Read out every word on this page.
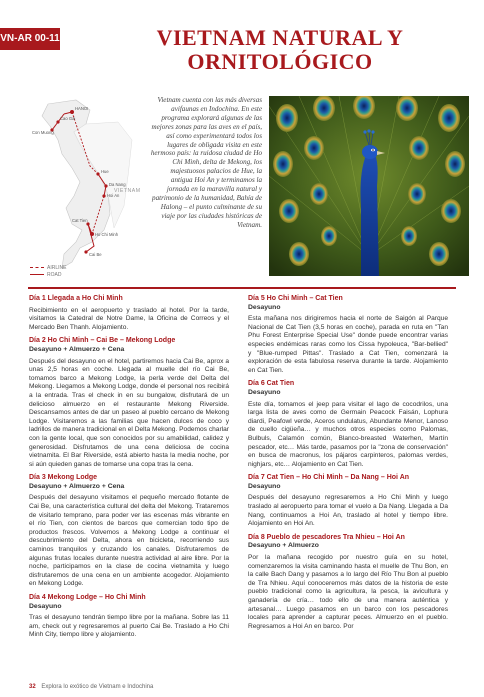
VN-AR 00-11	VIETNAM NATURAL Y
ORNITOLÓGICO
HANOI
Cao Gai
Con Muong
Hue
Da Nang
Hoi An
Cat Tien
Ho Chi Minh
Cai Be
VIETNAM
AIRLINE
ROAD
Vietnam cuenta con las más diversas avifaunas en Indochina. En este programa explorará algunas de las mejores zonas para las aves en el país, así como experimentará todos los lugares de obligada visita en este hermoso país: la ruidosa ciudad de Ho Chi Minh, delta de Mekong, los majestuosos palacios de Hue, la antigua Hoi An y terminamos la jornada en la maravilla natural y patrimonio de la humanidad, Bahía de Halong – el punto culminante de su viaje por las ciudades históricas de Vietnam.
Día 1 Llegada a Ho Chi Minh

Recibimiento en el aeropuerto y traslado al hotel. Por la tarde, visitamos la Catedral de Notre Dame, la Oficina de Correos y el Mercado Ben Thanh. Alojamiento.

Día 2 Ho Chi Minh – Cai Be – Mekong Lodge
Desayuno + Almuerzo + Cena

Después del desayuno en el hotel, partiremos hacia Cai Be, aprox a unas 2,5 horas en coche. Llegada al muelle del río Cai Be, tomamos barco a Mekong Lodge, la perla verde del Delta del Mekong. Llegamos a Mekong Lodge, donde el personal nos recibirá a la entrada. Tras el check in en su bungalow, disfrutará de un delicioso almuerzo en el restaurante Mekong Riverside. Descansamos antes de dar un paseo al pueblo cercano de Mekong Lodge. Visitaremos a las familias que hacen dulces de coco y ladrillos de manera tradicional en el Delta Mekong. Podemos charlar con la gente local, que son conocidos por su amabilidad, calidez y generosidad. Disfrutamos de una cena deliciosa de cocina vietnamita. El Bar Riverside, está abierto hasta la media noche, por si aún quieden ganas de tomarse una copa tras la cena.

Día 3 Mekong Lodge
Desayuno + Almuerzo + Cena

Después del desayuno visitamos el pequeño mercado flotante de Cai Be, una característica cultural del delta del Mekong. Trataremos de visitarlo temprano, para poder ver las escenas más vibrante en el río Tien, con cientos de barcos que comercian todo tipo de productos frescos. Volvemos a Mekong Lodge a continuar el descubrimiento del Delta, ahora en bicicleta, recorriendo sus caminos tranquilos y cruzando los canales. Disfrutaremos de algunas frutas locales durante nuestra actividad al aire libre. Por la noche, participamos en la clase de cocina vietnamita y luego disfrutaremos de una cena en un ambiente acogedor. Alojamiento en Mekong Lodge.

Día 4 Mekong Lodge – Ho Chi Minh
Desayuno

Tras el desayuno tendrán tiempo libre por la mañana. Sobre las 11 am, check out y regresaremos al puerto Cai Be. Traslado a Ho Chi Minh City, tiempo libre y alojamiento.

Día 5 Ho Chi Minh – Cat Tien
Desayuno

Esta mañana nos dirigiremos hacia el norte de Saigón al Parque Nacional de Cat Tien (3,5 horas en coche), parada en ruta en "Tan Phu Forest Enterprise Special Use" donde puede encontrar varias especies endémicas raras como los Cissa hypoleuca, "Bar-bellied" y "Blue-rumped Pittas". Traslado a Cat Tien, comenzará la exploración de esta fabulosa reserva durante la tarde. Alojamiento en Cat Tien.

Día 6 Cat Tien
Desayuno

Este día, tomamos el jeep para visitar el lago de cocodrilos, una larga lista de aves como de Germain Peacock Faisán, Lophura diardi, Peafowl verde, Aceros undulatus, Abundante Menor, Lanoso de cuello cigüeña… y muchos otros especies como Palomas, Bulbuls, Calamón común, Blanco-breasted Waterhen, Martín pescador, etc… Más tarde, pasamos por la "zona de conservación" en busca de macronus, los pájaros carpinteros, palomas verdes, nighjars, etc… Alojamiento en Cat Tien.

Día 7 Cat Tien – Ho Chi Minh – Da Nang – Hoi An
Desayuno

Después del desayuno regresaremos a Ho Chi Minh y luego traslado al aeropuerto para tomar el vuelo a Da Nang. Llegada a Da Nang, continuamos a Hoi An, traslado al hotel y tiempo libre. Alojamiento en Hoi An.

Día 8 Pueblo de pescadores Tra Nhieu – Hoi An
Desayuno + Almuerzo

Por la mañana recogido por nuestro guía en su hotel, comenzaremos la visita caminando hasta el muelle de Thu Bon, en la calle Bach Dang y pasamos a lo largo del Río Thu Bon al pueblo de Tra Nhieu. Aquí conoceremos más datos de la historia de este pueblo tradicional como la agricultura, la pesca, la avicultura y ganadería de cría… todo ello de una manera auténtica y artesanal… Luego pasamos en un barco con los pescadores locales para aprender a capturar peces. Almuerzo en el pueblo. Regresamos a Hoi An en barco. Por

32 Explora lo exótico de Vietnam e Indochina
